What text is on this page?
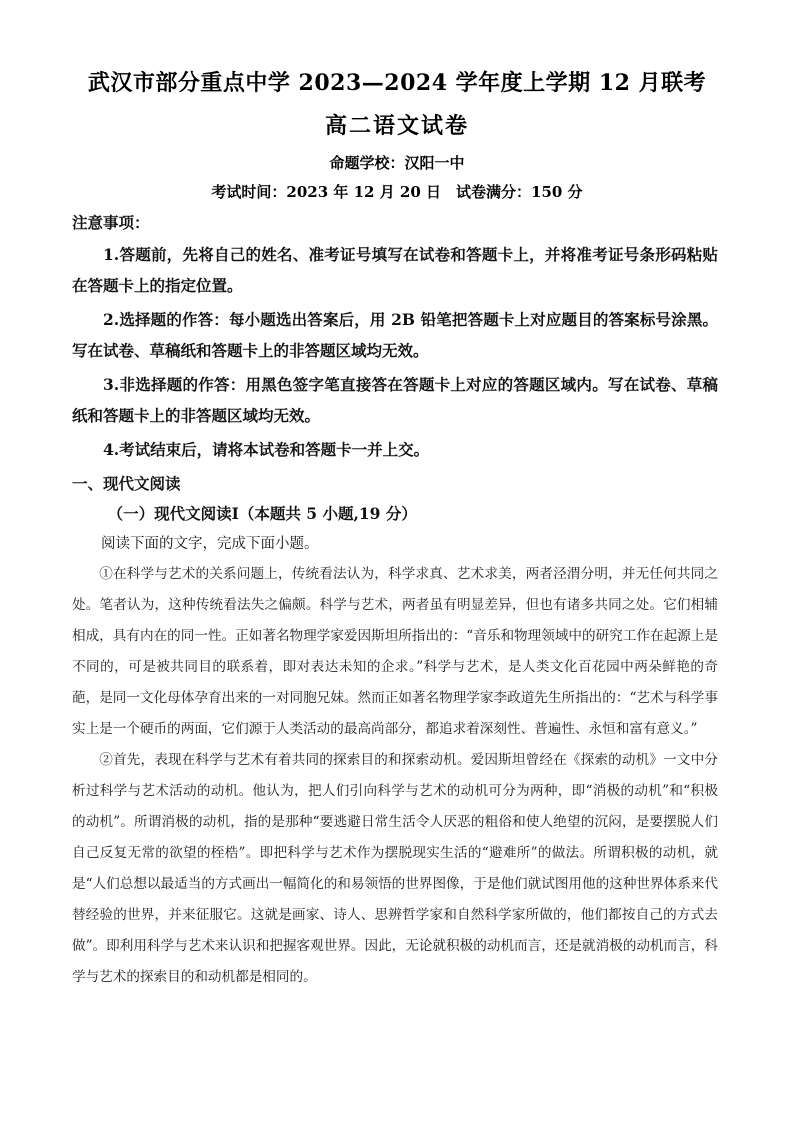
武汉市部分重点中学 2023—2024 学年度上学期 12 月联考
高二语文试卷
命题学校：汉阳一中
考试时间：2023 年 12 月 20 日　试卷满分：150 分
注意事项：
1.答题前，先将自己的姓名、准考证号填写在试卷和答题卡上，并将准考证号条形码粘贴在答题卡上的指定位置。
2.选择题的作答：每小题选出答案后，用 2B 铅笔把答题卡上对应题目的答案标号涂黑。写在试卷、草稿纸和答题卡上的非答题区域均无效。
3.非选择题的作答：用黑色签字笔直接答在答题卡上对应的答题区域内。写在试卷、草稿纸和答题卡上的非答题区域均无效。
4.考试结束后，请将本试卷和答题卡一并上交。
一、现代文阅读
（一）现代文阅读Ⅰ（本题共 5 小题,19 分）
阅读下面的文字，完成下面小题。

①在科学与艺术的关系问题上，传统看法认为，科学求真、艺术求美，两者泾渭分明，并无任何共同之处。笔者认为，这种传统看法失之偏颇。科学与艺术，两者虽有明显差异，但也有诸多共同之处。它们相辅相成，具有内在的同一性。正如著名物理学家爱因斯坦所指出的：“音乐和物理领域中的研究工作在起源上是不同的，可是被共同目的联系着，即对表达未知的企求。”科学与艺术，是人类文化百花园中两朵鲜艳的奇葩，是同一文化母体孕育出来的一对同胞兄妹。然而正如著名物理学家李政道先生所指出的：“艺术与科学事实上是一个硬币的两面，它们源于人类活动的最高尚部分，都追求着深刻性、普遍性、永恒和富有意义。”

②首先，表现在科学与艺术有着共同的探索目的和探索动机。爱因斯坦曾经在《探索的动机》一文中分析过科学与艺术活动的动机。他认为，把人们引向科学与艺术的动机可分为两种，即“消极的动机”和“积极的动机”。所谓消极的动机，指的是那种“要逃避日常生活令人厌恶的粗俗和使人绝望的沉闷，是要摆脱人们自己反复无常的欲望的桎梏”。即把科学与艺术作为摆脱现实生活的“避难所”的做法。所谓积极的动机，就是“人们总想以最适当的方式画出一幅简化的和易领悟的世界图像，于是他们就试图用他的这种世界体系来代替经验的世界，并来征服它。这就是画家、诗人、思辨哲学家和自然科学家所做的，他们都按自己的方式去做”。即利用科学与艺术来认识和把握客观世界。因此，无论就积极的动机而言，还是就消极的动机而言，科学与艺术的探索目的和动机都是相同的。
